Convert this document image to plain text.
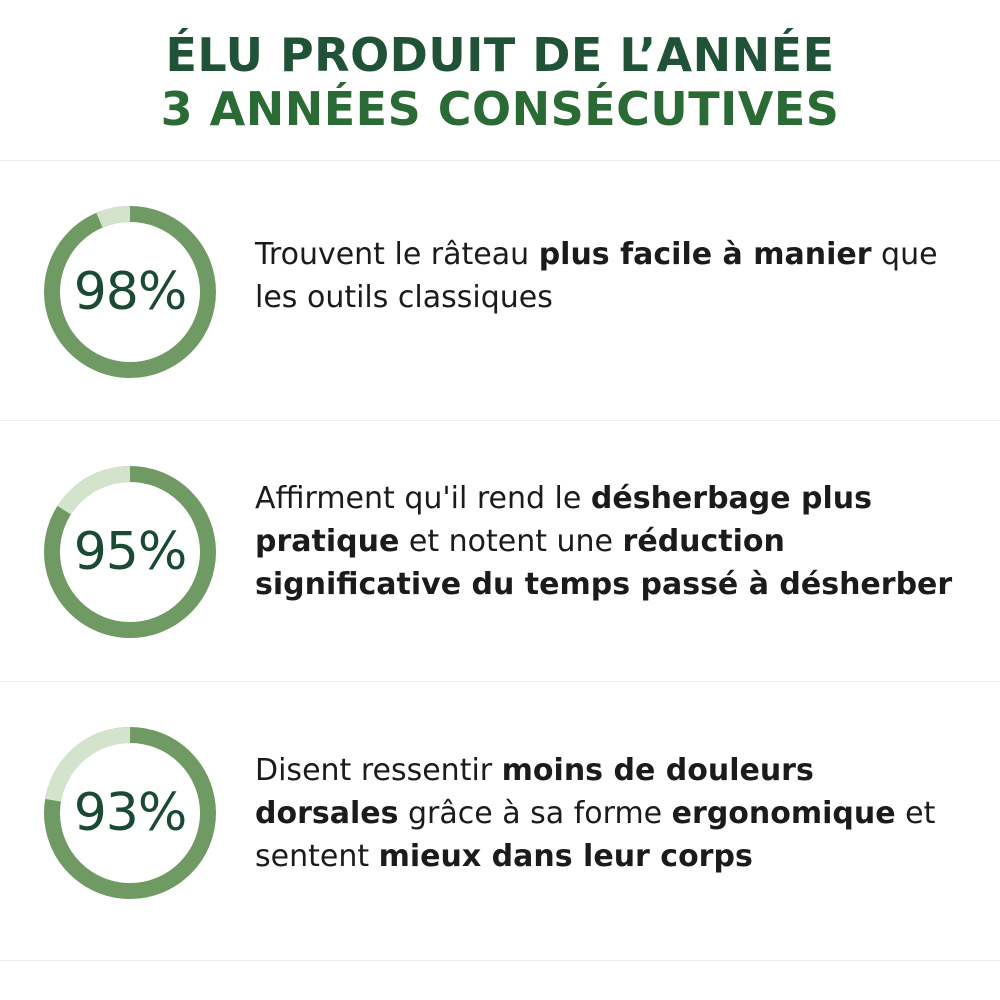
ÉLU PRODUIT DE L’ANNÉE
3 ANNÉES CONSÉCUTIVES
98%
Trouvent le râteau plus facile à manier que les outils classiques
95%
Affirment qu'il rend le désherbage plus pratique et notent une réduction significative du temps passé à désherber
93%
Disent ressentir moins de douleurs dorsales grâce à sa forme ergonomique et sentent mieux dans leur corps
